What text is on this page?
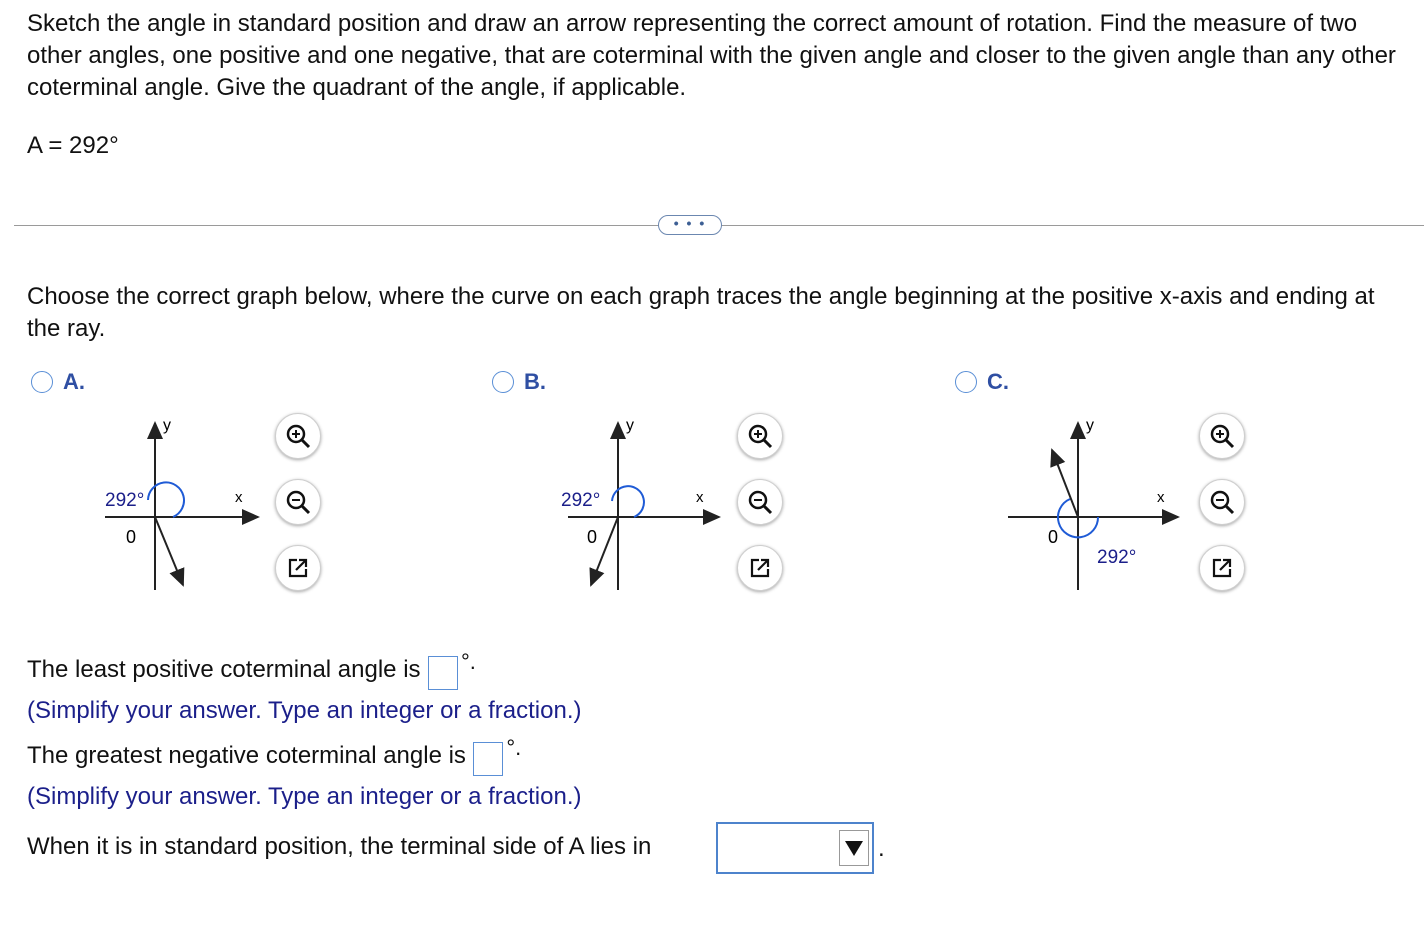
Sketch the angle in standard position and draw an arrow representing the correct amount of rotation. Find the measure of two other angles, one positive and one negative, that are coterminal with the given angle and closer to the given angle than any other coterminal angle. Give the quadrant of the angle, if applicable.

A = 292°
• • •

Choose the correct graph below, where the curve on each graph traces the angle beginning at the positive x-axis and ending at the ray.

A.
y
x
292°
0
B.
y
x
292°
0
C.
y
x
292°
0
The least positive coterminal angle is °.
(Simplify your answer. Type an integer or a fraction.)
The greatest negative coterminal angle is °.
(Simplify your answer. Type an integer or a fraction.)
When it is in standard position, the terminal side of A lies in	.
